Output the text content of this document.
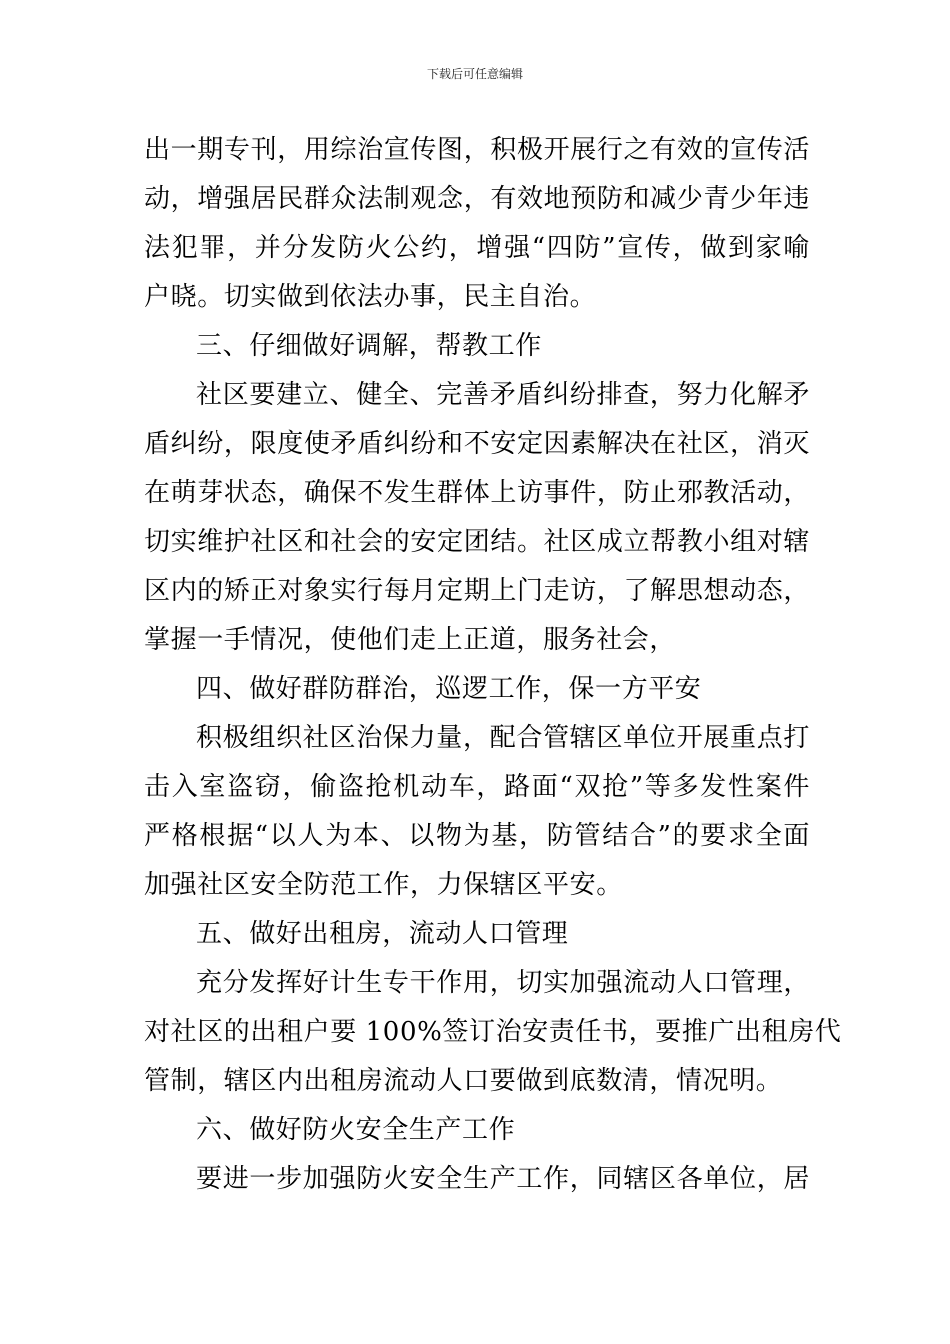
下载后可任意编辑
出一期专刊，用综治宣传图，积极开展行之有效的宣传活
动，增强居民群众法制观念，有效地预防和减少青少年违
法犯罪，并分发防火公约，增强“四防”宣传，做到家喻
户晓。切实做到依法办事，民主自治。
三、仔细做好调解，帮教工作
社区要建立、健全、完善矛盾纠纷排查，努力化解矛
盾纠纷，限度使矛盾纠纷和不安定因素解决在社区，消灭
在萌芽状态，确保不发生群体上访事件，防止邪教活动，
切实维护社区和社会的安定团结。社区成立帮教小组对辖
区内的矫正对象实行每月定期上门走访，了解思想动态，
掌握一手情况，使他们走上正道，服务社会，
四、做好群防群治，巡逻工作，保一方平安
积极组织社区治保力量，配合管辖区单位开展重点打
击入室盗窃，偷盗抢机动车，路面“双抢”等多发性案件
严格根据“以人为本、以物为基，防管结合”的要求全面
加强社区安全防范工作，力保辖区平安。
五、做好出租房，流动人口管理
充分发挥好计生专干作用，切实加强流动人口管理，
对社区的出租户要 100%签订治安责任书，要推广出租房代
管制，辖区内出租房流动人口要做到底数清，情况明。
六、做好防火安全生产工作
要进一步加强防火安全生产工作，同辖区各单位，居
